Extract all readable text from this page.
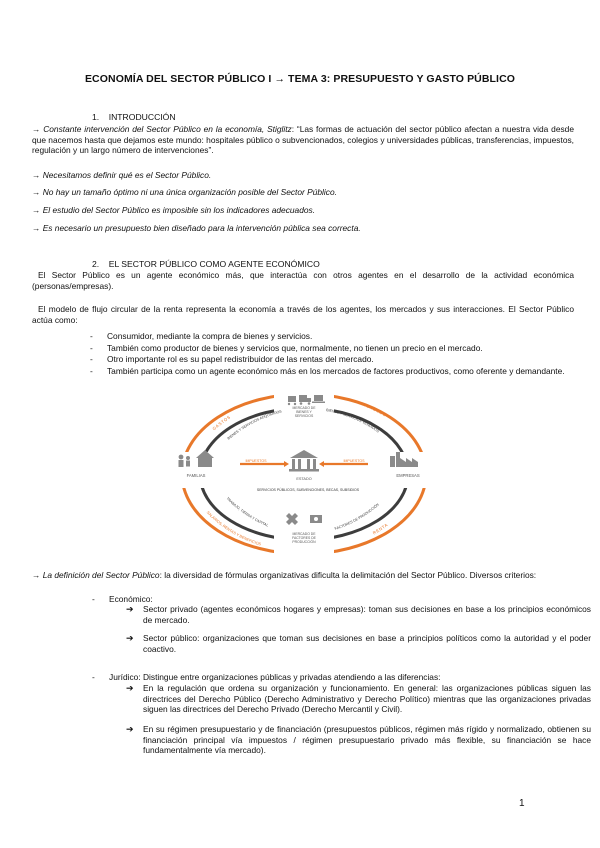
ECONOMÍA DEL SECTOR PÚBLICO I → TEMA 3: PRESUPUESTO Y GASTO PÚBLICO
1.    INTRODUCCIÓN
→ Constante intervención del Sector Público en la economía, Stiglitz: “Las formas de actuación del sector público afectan a nuestra vida desde que nacemos hasta que dejamos este mundo: hospitales público o subvencionados, colegios y universidades públicas, transferencias, impuestos, regulación y un largo número de intervenciones”.
→ Necesitamos definir qué es el Sector Público.
→ No hay un tamaño óptimo ni una única organización posible del Sector Público.
→ El estudio del Sector Público es imposible sin los indicadores adecuados.
→ Es necesario un presupuesto bien diseñado para la intervención pública sea correcta.
2.    EL SECTOR PÚBLICO COMO AGENTE ECONÓMICO
El Sector Público es un agente económico más, que interactúa con otros agentes en el desarrollo de la actividad económica (personas/empresas).
El modelo de flujo circular de la renta representa la economía a través de los agentes, los mercados y sus interacciones. El Sector Público actúa como:
- Consumidor, mediante la compra de bienes y servicios.
- También como productor de bienes y servicios que, normalmente, no tienen un precio en el mercado.
- Otro importante rol es su papel redistribuidor de las rentas del mercado.
- También participa como un agente económico más en los mercados de factores productivos, como oferente y demandante.
GASTOS
INGRESOS
SALARIOS, RENTAS Y BENEFICIOS
RENTA
BIENES Y SERVICIOS ADQUIRIDOS	BIENES Y SERVICIOS VENDIDOS
TRABAJO, TIERRA Y CAPITAL
FACTORES DE PRODUCCIÓN
MERCADO DE BIENES Y SERVICIOS
FAMILIAS	EMPRESAS
ESTADO
IMPUESTOS	IMPUESTOS
SERVICIOS PÚBLICOS, SUBVENCIONES, BECAS, SUBSIDIOS
MERCADO DE FACTORES DE PRODUCCIÓN
→ La definición del Sector Público: la diversidad de fórmulas organizativas dificulta la delimitación del Sector Público. Diversos criterios:
- Económico:
➔ Sector privado (agentes económicos hogares y empresas): toman sus decisiones en base a los principios económicos de mercado.
➔ Sector público: organizaciones que toman sus decisiones en base a principios políticos como la autoridad y el poder coactivo.
- Jurídico: Distingue entre organizaciones públicas y privadas atendiendo a las diferencias:
➔ En la regulación que ordena su organización y funcionamiento. En general: las organizaciones públicas siguen las directrices del Derecho Público (Derecho Administrativo y Derecho Político) mientras que las organizaciones privadas siguen las directrices del Derecho Privado (Derecho Mercantil y Civil).
➔ En su régimen presupuestario y de financiación (presupuestos públicos, régimen más rígido y normalizado, obtienen su financiación principal vía impuestos / régimen presupuestario privado más flexible, su financiación se hace fundamentalmente vía mercado).
1
